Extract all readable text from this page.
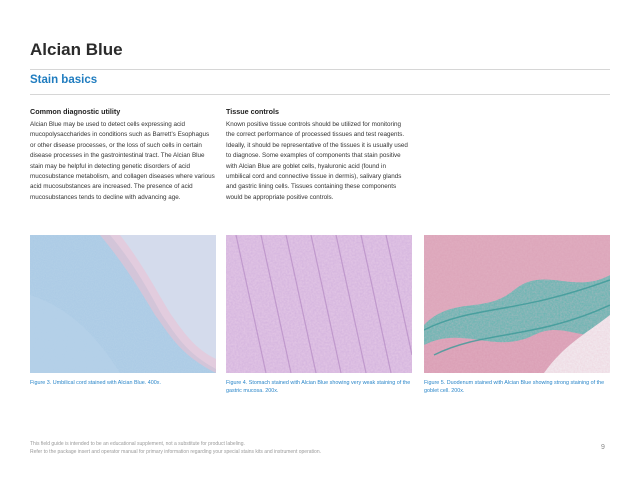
Alcian Blue
Stain basics
Common diagnostic utility

Alcian Blue may be used to detect cells expressing acid mucopolysaccharides in conditions such as Barrett’s Esophagus or other disease processes, or the loss of such cells in certain disease processes in the gastrointestinal tract. The Alcian Blue stain may be helpful in detecting genetic disorders of acid mucosubstance metabolism, and collagen diseases where various acid mucosubstances are increased. The presence of acid mucosubstances tends to decline with advancing age.

Tissue controls

Known positive tissue controls should be utilized for monitoring the correct performance of processed tissues and test reagents. Ideally, it should be representative of the tissues it is usually used to diagnose. Some examples of components that stain positive with Alcian Blue are goblet cells, hyaluronic acid (found in umbilical cord and connective tissue in dermis), salivary glands and gastric lining cells. Tissues containing these components would be appropriate positive controls.

Figure 3. Umbilical cord stained with Alcian Blue. 400x.	Figure 4. Stomach stained with Alcian Blue showing very weak staining of the gastric mucosa. 200x.
Figure 5. Duodenum stained with Alcian Blue showing strong staining of the goblet cell. 200x.
This field guide is intended to be an educational supplement, not a substitute for product labeling.
Refer to the package insert and operator manual for primary information regarding your special stains kits and instrument operation.
9
